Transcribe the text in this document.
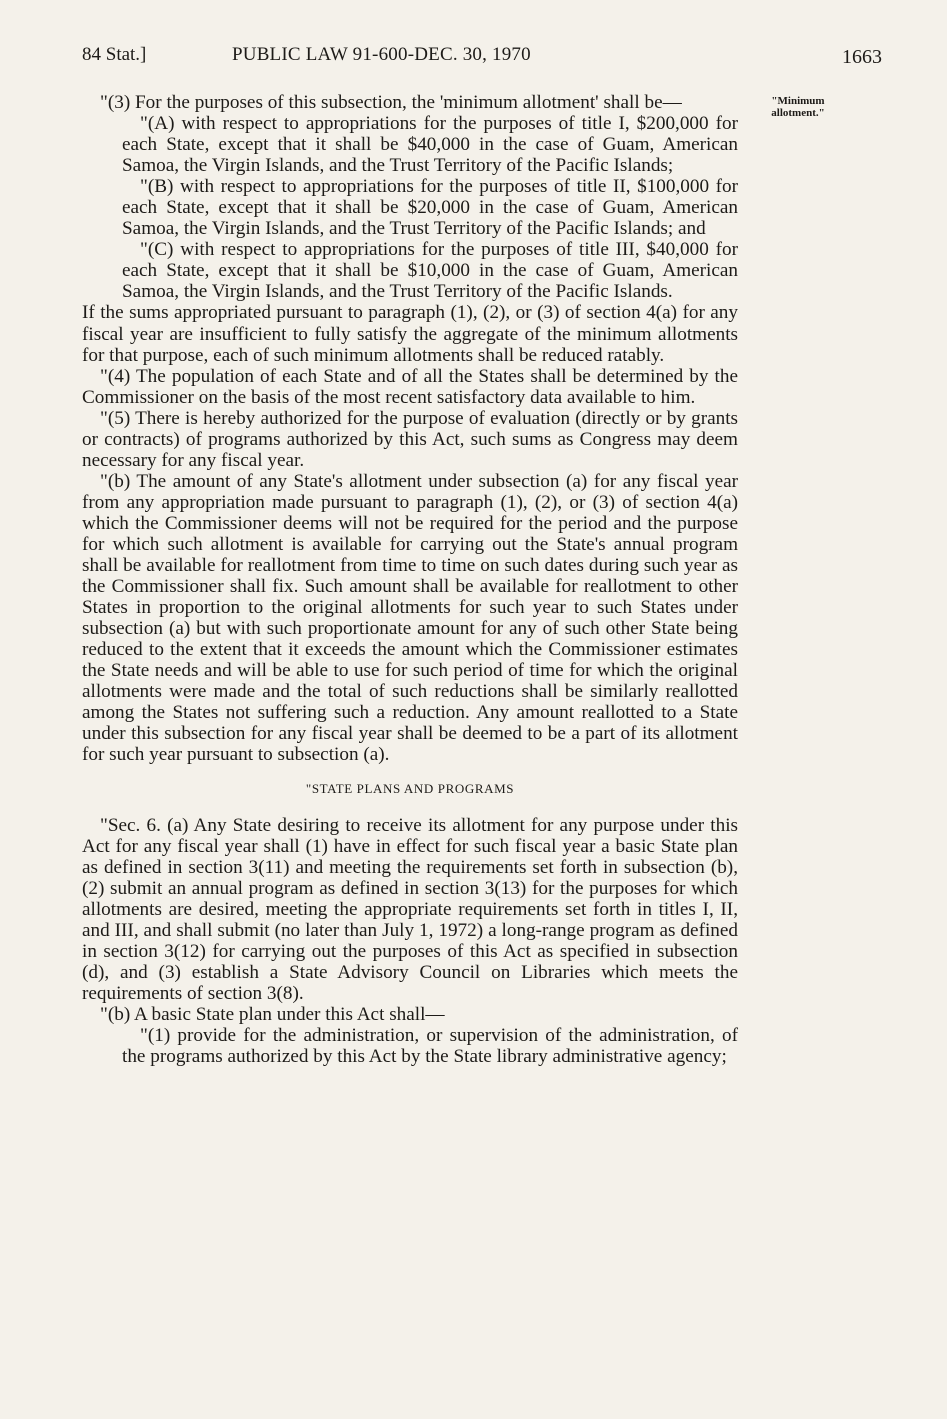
84 Stat.]	PUBLIC LAW 91-600-DEC. 30, 1970	1663
"Minimum allotment."

"(3) For the purposes of this subsection, the 'minimum allotment' shall be—

"(A) with respect to appropriations for the purposes of title I, $200,000 for each State, except that it shall be $40,000 in the case of Guam, American Samoa, the Virgin Islands, and the Trust Territory of the Pacific Islands;

"(B) with respect to appropriations for the purposes of title II, $100,000 for each State, except that it shall be $20,000 in the case of Guam, American Samoa, the Virgin Islands, and the Trust Territory of the Pacific Islands; and

"(C) with respect to appropriations for the purposes of title III, $40,000 for each State, except that it shall be $10,000 in the case of Guam, American Samoa, the Virgin Islands, and the Trust Territory of the Pacific Islands.

If the sums appropriated pursuant to paragraph (1), (2), or (3) of section 4(a) for any fiscal year are insufficient to fully satisfy the aggregate of the minimum allotments for that purpose, each of such minimum allotments shall be reduced ratably.

"(4) The population of each State and of all the States shall be determined by the Commissioner on the basis of the most recent satisfactory data available to him.

"(5) There is hereby authorized for the purpose of evaluation (directly or by grants or contracts) of programs authorized by this Act, such sums as Congress may deem necessary for any fiscal year.

"(b) The amount of any State's allotment under subsection (a) for any fiscal year from any appropriation made pursuant to paragraph (1), (2), or (3) of section 4(a) which the Commissioner deems will not be required for the period and the purpose for which such allotment is available for carrying out the State's annual program shall be available for reallotment from time to time on such dates during such year as the Commissioner shall fix. Such amount shall be available for reallotment to other States in proportion to the original allotments for such year to such States under subsection (a) but with such proportionate amount for any of such other State being reduced to the extent that it exceeds the amount which the Commissioner estimates the State needs and will be able to use for such period of time for which the original allotments were made and the total of such reductions shall be similarly reallotted among the States not suffering such a reduction. Any amount reallotted to a State under this subsection for any fiscal year shall be deemed to be a part of its allotment for such year pursuant to subsection (a).

"STATE PLANS AND PROGRAMS

"Sec. 6. (a) Any State desiring to receive its allotment for any purpose under this Act for any fiscal year shall (1) have in effect for such fiscal year a basic State plan as defined in section 3(11) and meeting the requirements set forth in subsection (b), (2) submit an annual program as defined in section 3(13) for the purposes for which allotments are desired, meeting the appropriate requirements set forth in titles I, II, and III, and shall submit (no later than July 1, 1972) a long-range program as defined in section 3(12) for carrying out the purposes of this Act as specified in subsection (d), and (3) establish a State Advisory Council on Libraries which meets the requirements of section 3(8).

"(b) A basic State plan under this Act shall—

"(1) provide for the administration, or supervision of the administration, of the programs authorized by this Act by the State library administrative agency;
